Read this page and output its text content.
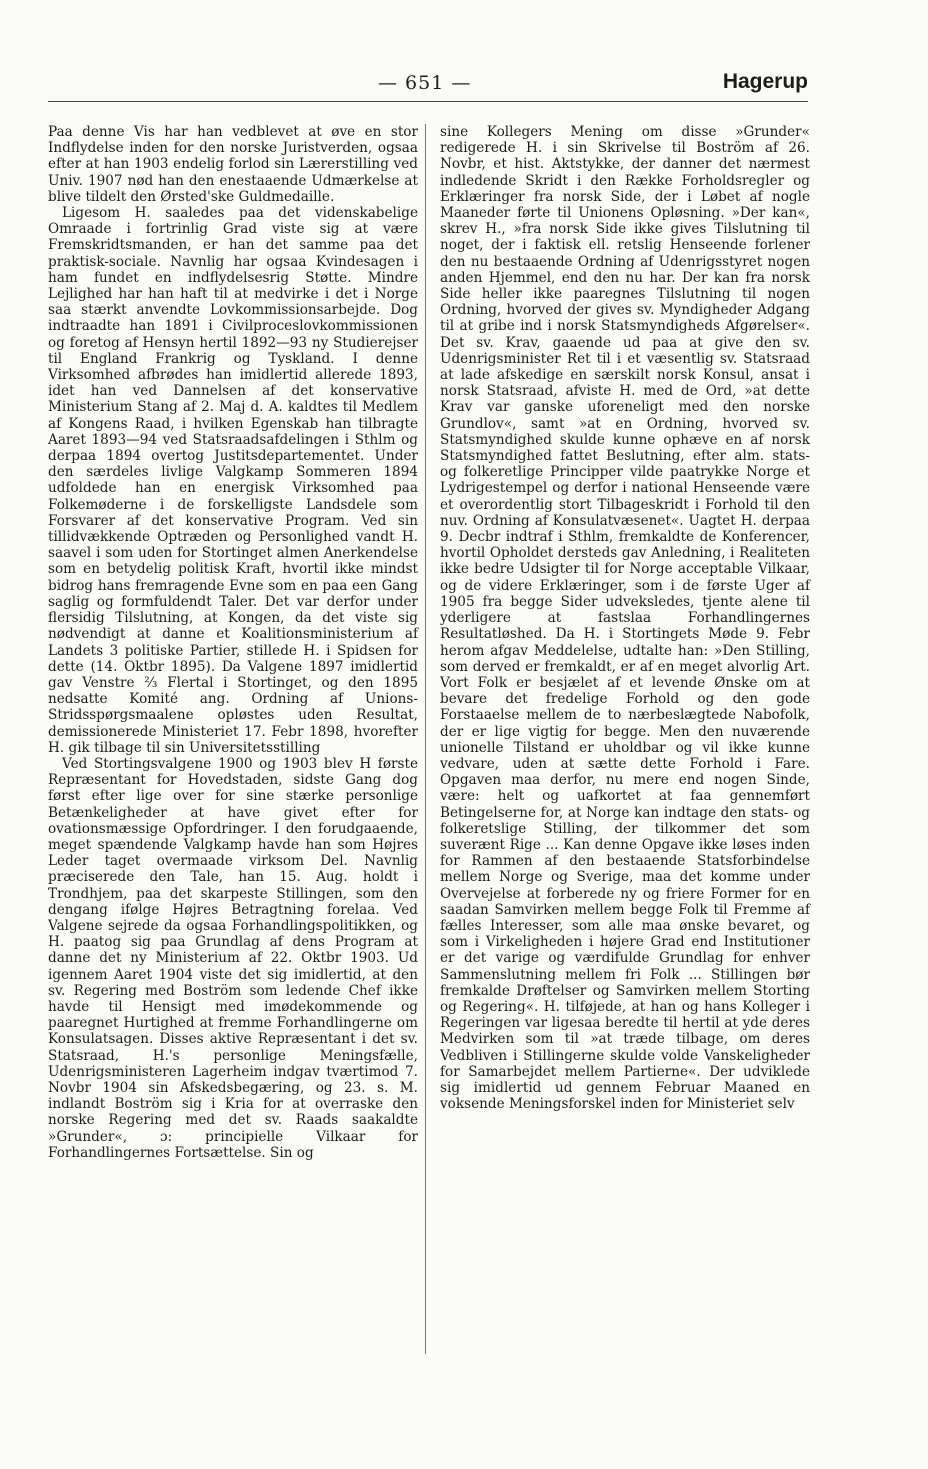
— 651 —	Hagerup

Paa denne Vis har han vedblevet at øve en stor Indflydelse inden for den norske Juristverden, ogsaa efter at han 1903 endelig forlod sin Lærerstilling ved Univ. 1907 nød han den enestaaende Udmærkelse at blive tildelt den Ørsted'ske Guldmedaille.

Ligesom H. saaledes paa det videnskabelige Omraade i fortrinlig Grad viste sig at være Fremskridtsmanden, er han det samme paa det praktisk-sociale. Navnlig har ogsaa Kvindesagen i ham fundet en indflydelsesrig Støtte. Mindre Lejlighed har han haft til at medvirke i det i Norge saa stærkt anvendte Lovkommissionsarbejde. Dog indtraadte han 1891 i Civilproceslovkommissionen og foretog af Hensyn hertil 1892—93 ny Studierejser til England Frankrig og Tyskland. I denne Virksomhed afbrødes han imidlertid allerede 1893, idet han ved Dannelsen af det konservative Ministerium Stang af 2. Maj d. A. kaldtes til Medlem af Kongens Raad, i hvilken Egenskab han tilbragte Aaret 1893—94 ved Statsraadsafdelingen i Sthlm og derpaa 1894 overtog Justitsdepartementet. Under den særdeles livlige Valgkamp Sommeren 1894 udfoldede han en energisk Virksomhed paa Folkemøderne i de forskelligste Landsdele som Forsvarer af det konservative Program. Ved sin tillidvækkende Optræden og Personlighed vandt H. saavel i som uden for Stortinget almen Anerkendelse som en betydelig politisk Kraft, hvortil ikke mindst bidrog hans fremragende Evne som en paa een Gang saglig og formfuldendt Taler. Det var derfor under flersidig Tilslutning, at Kongen, da det viste sig nødvendigt at danne et Koalitionsministerium af Landets 3 politiske Partier, stillede H. i Spidsen for dette (14. Oktbr 1895). Da Valgene 1897 imidlertid gav Venstre ⅔ Flertal i Stortinget, og den 1895 nedsatte Komité ang. Ordning af Unions-Stridsspørgsmaalene opløstes uden Resultat, demissionerede Ministeriet 17. Febr 1898, hvorefter H. gik tilbage til sin Universitetsstilling

Ved Stortingsvalgene 1900 og 1903 blev H første Repræsentant for Hovedstaden, sidste Gang dog først efter lige over for sine stærke personlige Betænkeligheder at have givet efter for ovationsmæssige Opfordringer. I den forudgaaende, meget spændende Valgkamp havde han som Højres Leder taget overmaade virksom Del. Navnlig præciserede den Tale, han 15. Aug. holdt i Trondhjem, paa det skarpeste Stillingen, som den dengang ifølge Højres Betragtning forelaa. Ved Valgene sejrede da ogsaa Forhandlingspolitikken, og H. paatog sig paa Grundlag af dens Program at danne det ny Ministerium af 22. Oktbr 1903. Ud igennem Aaret 1904 viste det sig imidlertid, at den sv. Regering med Boström som ledende Chef ikke havde til Hensigt med imødekommende og paaregnet Hurtighed at fremme Forhandlingerne om Konsulatsagen. Disses aktive Repræsentant i det sv. Statsraad, H.'s personlige Meningsfælle, Udenrigsministeren Lagerheim indgav tværtimod 7. Novbr 1904 sin Afskedsbegæring, og 23. s. M. indlandt Boström sig i Kria for at overraske den norske Regering med det sv. Raads saakaldte »Grunder«, ɔ: principielle Vilkaar for Forhandlingernes Fortsættelse. Sin og

sine Kollegers Mening om disse »Grunder« redigerede H. i sin Skrivelse til Boström af 26. Novbr, et hist. Aktstykke, der danner det nærmest indledende Skridt i den Række Forholdsregler og Erklæringer fra norsk Side, der i Løbet af nogle Maaneder førte til Unionens Opløsning. »Der kan«, skrev H., »fra norsk Side ikke gives Tilslutning til noget, der i faktisk ell. retslig Henseende forlener den nu bestaaende Ordning af Udenrigsstyret nogen anden Hjemmel, end den nu har. Der kan fra norsk Side heller ikke paaregnes Tilslutning til nogen Ordning, hvorved der gives sv. Myndigheder Adgang til at gribe ind i norsk Statsmyndigheds Afgørelser«. Det sv. Krav, gaaende ud paa at give den sv. Udenrigsminister Ret til i et væsentlig sv. Statsraad at lade afskedige en særskilt norsk Konsul, ansat i norsk Statsraad, afviste H. med de Ord, »at dette Krav var ganske uforeneligt med den norske Grundlov«, samt »at en Ordning, hvorved sv. Statsmyndighed skulde kunne ophæve en af norsk Statsmyndighed fattet Beslutning, efter alm. stats- og folkeretlige Principper vilde paatrykke Norge et Lydrigestempel og derfor i national Henseende være et overordentlig stort Tilbageskridt i Forhold til den nuv. Ordning af Konsulatvæsenet«. Uagtet H. derpaa 9. Decbr indtraf i Sthlm, fremkaldte de Konferencer, hvortil Opholdet dersteds gav Anledning, i Realiteten ikke bedre Udsigter til for Norge acceptable Vilkaar, og de videre Erklæringer, som i de første Uger af 1905 fra begge Sider udveksledes, tjente alene til yderligere at fastslaa Forhandlingernes Resultatløshed. Da H. i Stortingets Møde 9. Febr herom afgav Meddelelse, udtalte han: »Den Stilling, som derved er fremkaldt, er af en meget alvorlig Art. Vort Folk er besjælet af et levende Ønske om at bevare det fredelige Forhold og den gode Forstaaelse mellem de to nærbeslægtede Nabofolk, der er lige vigtig for begge. Men den nuværende unionelle Tilstand er uholdbar og vil ikke kunne vedvare, uden at sætte dette Forhold i Fare. Opgaven maa derfor, nu mere end nogen Sinde, være: helt og uafkortet at faa gennemført Betingelserne for, at Norge kan indtage den stats- og folkeretslige Stilling, der tilkommer det som suverænt Rige ... Kan denne Opgave ikke løses inden for Rammen af den bestaaende Statsforbindelse mellem Norge og Sverige, maa det komme under Overvejelse at forberede ny og friere Former for en saadan Samvirken mellem begge Folk til Fremme af fælles Interesser, som alle maa ønske bevaret, og som i Virkeligheden i højere Grad end Institutioner er det varige og værdifulde Grundlag for enhver Sammenslutning mellem fri Folk ... Stillingen bør fremkalde Drøftelser og Samvirken mellem Storting og Regering«. H. tilføjede, at han og hans Kolleger i Regeringen var ligesaa beredte til hertil at yde deres Medvirken som til »at træde tilbage, om deres Vedbliven i Stillingerne skulde volde Vanskeligheder for Samarbejdet mellem Partierne«. Der udviklede sig imidlertid ud gennem Februar Maaned en voksende Meningsforskel inden for Ministeriet selv
